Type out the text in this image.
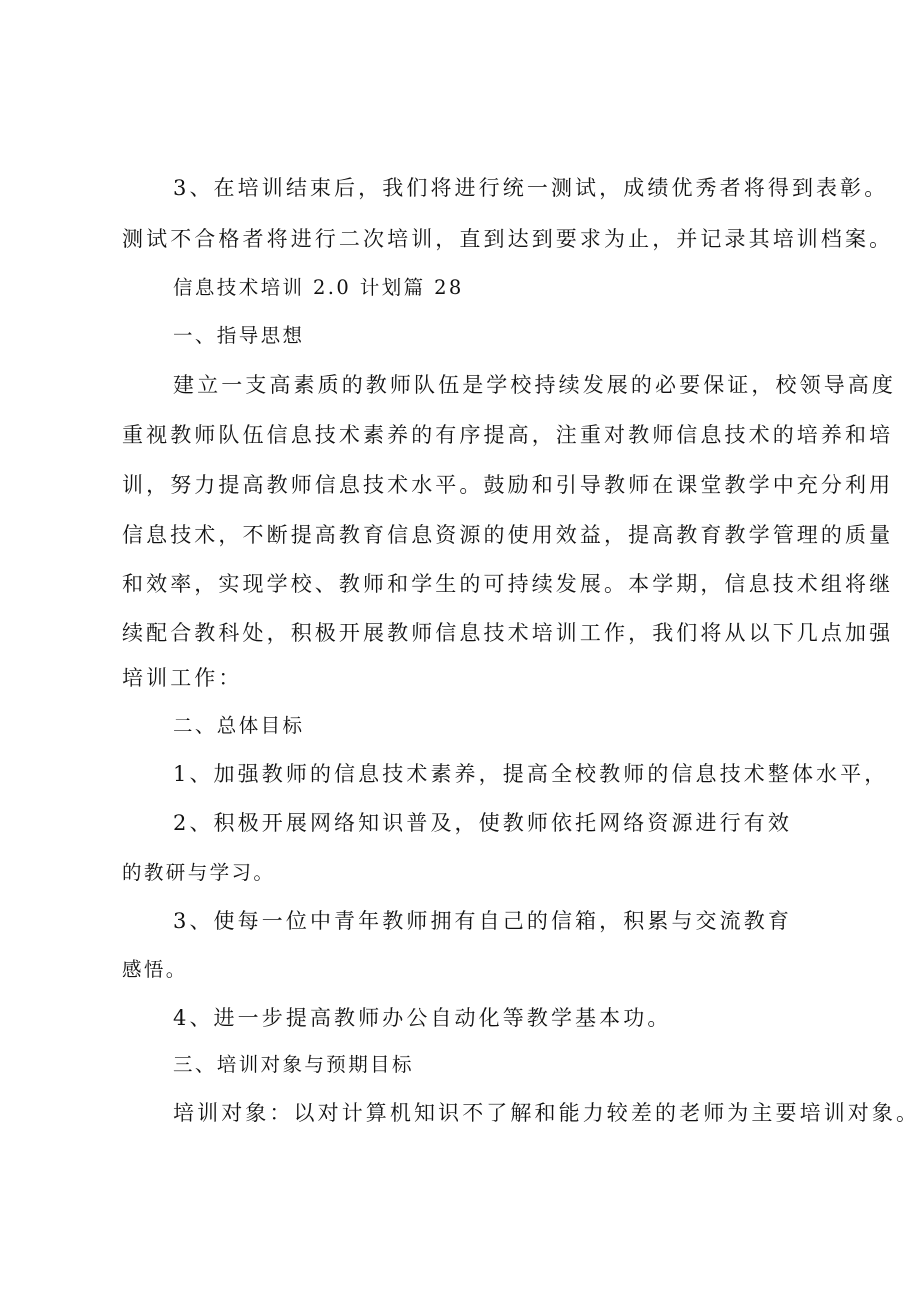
3、在培训结束后，我们将进行统一测试，成绩优秀者将得到表彰。
测试不合格者将进行二次培训，直到达到要求为止，并记录其培训档案。
信息技术培训 2.0 计划篇 28
一、指导思想
建立一支高素质的教师队伍是学校持续发展的必要保证，校领导高度
重视教师队伍信息技术素养的有序提高，注重对教师信息技术的培养和培
训，努力提高教师信息技术水平。鼓励和引导教师在课堂教学中充分利用
信息技术，不断提高教育信息资源的使用效益，提高教育教学管理的质量
和效率，实现学校、教师和学生的可持续发展。本学期，信息技术组将继
续配合教科处，积极开展教师信息技术培训工作，我们将从以下几点加强
培训工作：
二、总体目标
1、加强教师的信息技术素养，提高全校教师的信息技术整体水平，
2、积极开展网络知识普及，使教师依托网络资源进行有效
的教研与学习。
3、使每一位中青年教师拥有自己的信箱，积累与交流教育
感悟。
4、进一步提高教师办公自动化等教学基本功。
三、培训对象与预期目标
培训对象：以对计算机知识不了解和能力较差的老师为主要培训对象。
